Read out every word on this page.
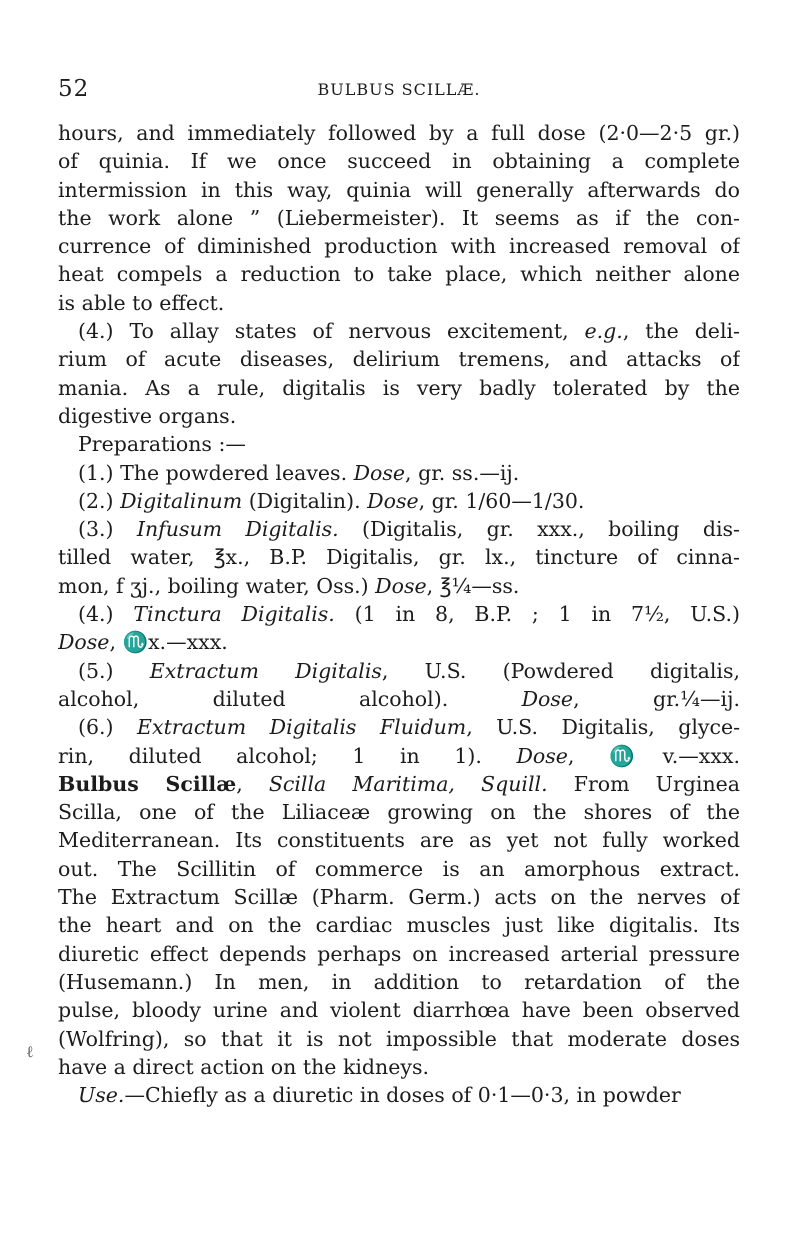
52	BULBUS SCILLÆ.
ℓ
hours, and immediately followed by a full dose (2·0—2·5 gr.)
of quinia. If we once succeed in obtaining a complete
intermission in this way, quinia will generally afterwards do
the work alone ” (Liebermeister). It seems as if the con-
currence of diminished production with increased removal of
heat compels a reduction to take place, which neither alone
is able to effect.
(4.) To allay states of nervous excitement, e.g., the deli-
rium of acute diseases, delirium tremens, and attacks of
mania. As a rule, digitalis is very badly tolerated by the
digestive organs.
Preparations :—
(1.) The powdered leaves. Dose, gr. ss.—ij.
(2.) Digitalinum (Digitalin). Dose, gr. 1/60—1/30.
(3.) Infusum Digitalis. (Digitalis, gr. xxx., boiling dis-
tilled water, ℥x., B.P. Digitalis, gr. lx., tincture of cinna-
mon, f ʒj., boiling water, Oss.) Dose, ℥¼—ss.
(4.) Tinctura Digitalis. (1 in 8, B.P. ; 1 in 7½, U.S.)
Dose, ♏x.—xxx.
(5.) Extractum Digitalis, U.S. (Powdered digitalis,
alcohol, diluted alcohol). Dose, gr.¼—ij.
(6.) Extractum Digitalis Fluidum, U.S. Digitalis, glyce-
rin, diluted alcohol; 1 in 1). Dose, ♏v.—xxx.
Bulbus Scillæ, Scilla Maritima, Squill. From Urginea
Scilla, one of the Liliaceæ growing on the shores of the
Mediterranean. Its constituents are as yet not fully worked
out. The Scillitin of commerce is an amorphous extract.
The Extractum Scillæ (Pharm. Germ.) acts on the nerves of
the heart and on the cardiac muscles just like digitalis. Its
diuretic effect depends perhaps on increased arterial pressure
(Husemann.) In men, in addition to retardation of the
pulse, bloody urine and violent diarrhœa have been observed
(Wolfring), so that it is not impossible that moderate doses
have a direct action on the kidneys.
Use.—Chiefly as a diuretic in doses of 0·1—0·3, in powder
